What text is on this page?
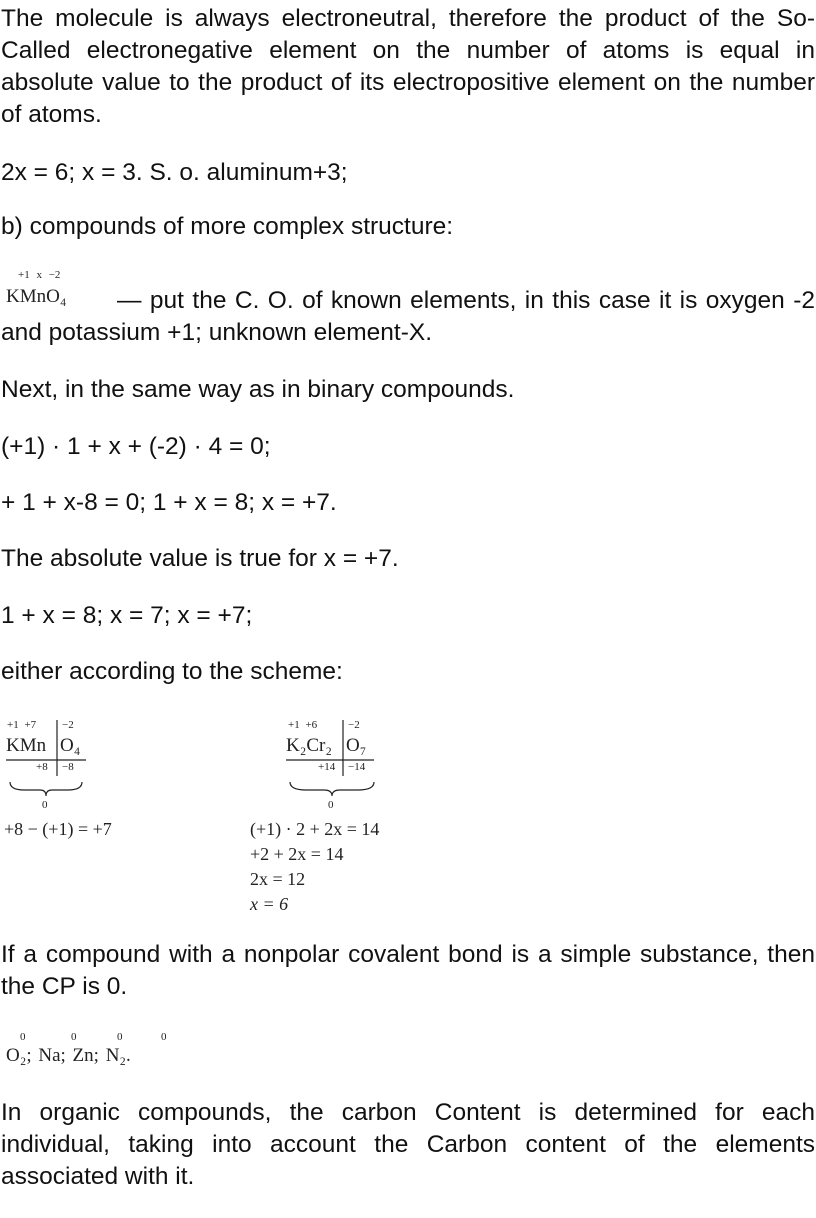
The molecule is always electroneutral, therefore the product of the So-Called electronegative element on the number of atoms is equal in absolute value to the product of its electropositive element on the number of atoms.

2x = 6; x = 3. S. o. aluminum+3;

b) compounds of more complex structure:

+1 x −2
KMnO₄	— put the C. O. of known elements, in this case it is oxygen -2 and potassium +1; unknown element-X.

Next, in the same way as in binary compounds.

(+1) · 1 + x + (-2) · 4 = 0;

+ 1 + x-8 = 0; 1 + x = 8; x = +7.

The absolute value is true for x = +7.

1 + x = 8; x = 7; x = +7;

either according to the scheme:

+1 +7 −2
KMn O₄
+8 −8
0
+8 − (+1) = +7
+1 +6	−2
K₂Cr₂ O₇
+14 −14
0
(+1) · 2 + 2x = 14
+2 + 2x = 14
2x = 12
x = 6

If a compound with a nonpolar covalent bond is a simple substance, then the CP is 0.

0	0	0	0
O₂; Na; Zn; N₂.

In organic compounds, the carbon Content is determined for each individual, taking into account the Carbon content of the elements associated with it.
